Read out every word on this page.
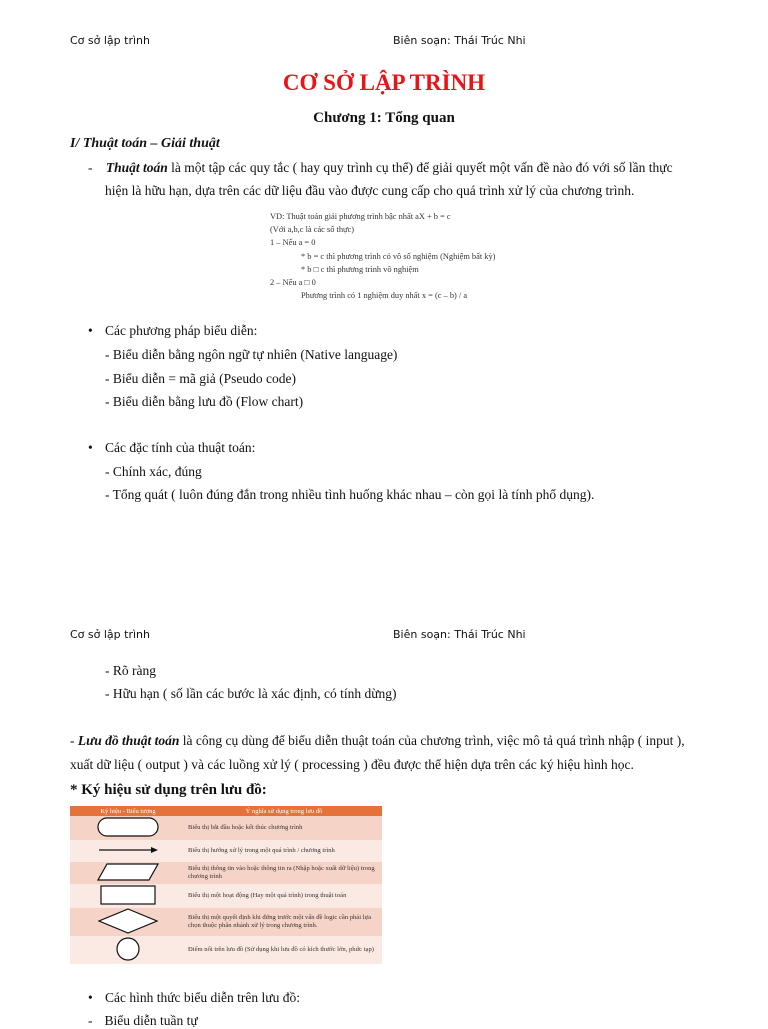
Cơ sở lập trình	Biên soạn: Thái Trúc Nhi
CƠ SỞ LẬP TRÌNH
Chương 1: Tổng quan
I/ Thuật toán – Giải thuật
- Thuật toán là một tập các quy tắc ( hay quy trình cụ thể) để giải quyết một vấn đề nào đó với số lần thực
hiện là hữu hạn, dựa trên các dữ liệu đầu vào được cung cấp cho quá trình xử lý của chương trình.
VD: Thuật toán giải phương trình bậc nhất aX + b = c
(Với a,b,c là các số thực)
1 – Nếu a = 0
* b = c thì phương trình có vô số nghiệm (Nghiệm bất kỳ)
* b □ c thì phương trình vô nghiệm
2 – Nếu a □ 0
Phương trình có 1 nghiệm duy nhất x = (c – b) / a
• Các phương pháp biểu diễn:
- Biểu diễn bằng ngôn ngữ tự nhiên (Native language)
- Biểu diễn = mã giả (Pseudo code)
- Biểu diễn bằng lưu đồ (Flow chart)
• Các đặc tính của thuật toán:
- Chính xác, đúng
- Tổng quát ( luôn đúng đắn trong nhiều tình huống khác nhau – còn gọi là tính phổ dụng).
Cơ sở lập trình	Biên soạn: Thái Trúc Nhi
- Rõ ràng
- Hữu hạn ( số lần các bước là xác định, có tính dừng)
- Lưu đồ thuật toán là công cụ dùng để biểu diễn thuật toán của chương trình, việc mô tả quá trình nhập ( input ),
xuất dữ liệu ( output ) và các luồng xử lý ( processing ) đều được thể hiện dựa trên các ký hiệu hình học.
* Ký hiệu sử dụng trên lưu đồ:
Ký hiệu - Biểu tượng	Ý nghĩa sử dụng trong lưu đồ
	Biểu thị bắt đầu hoặc kết thúc chương trình
	Biểu thị hướng xử lý trong một quá trình / chương trình
	Biểu thị thông tin vào hoặc thông tin ra (Nhập hoặc xuất dữ liệu) trong chương trình
	Biểu thị một hoạt động (Hay một quá trình) trong thuật toán
	Biểu thị một quyết định khi đứng trước một vấn đề logic cần phải lựa chọn thuộc phân nhánh xử lý trong chương trình.
	Điểm nối trên lưu đồ (Sử dụng khi lưu đồ có kích thước lớn, phức tạp)
• Các hình thức biểu diễn trên lưu đồ:
- Biểu diễn tuần tự
